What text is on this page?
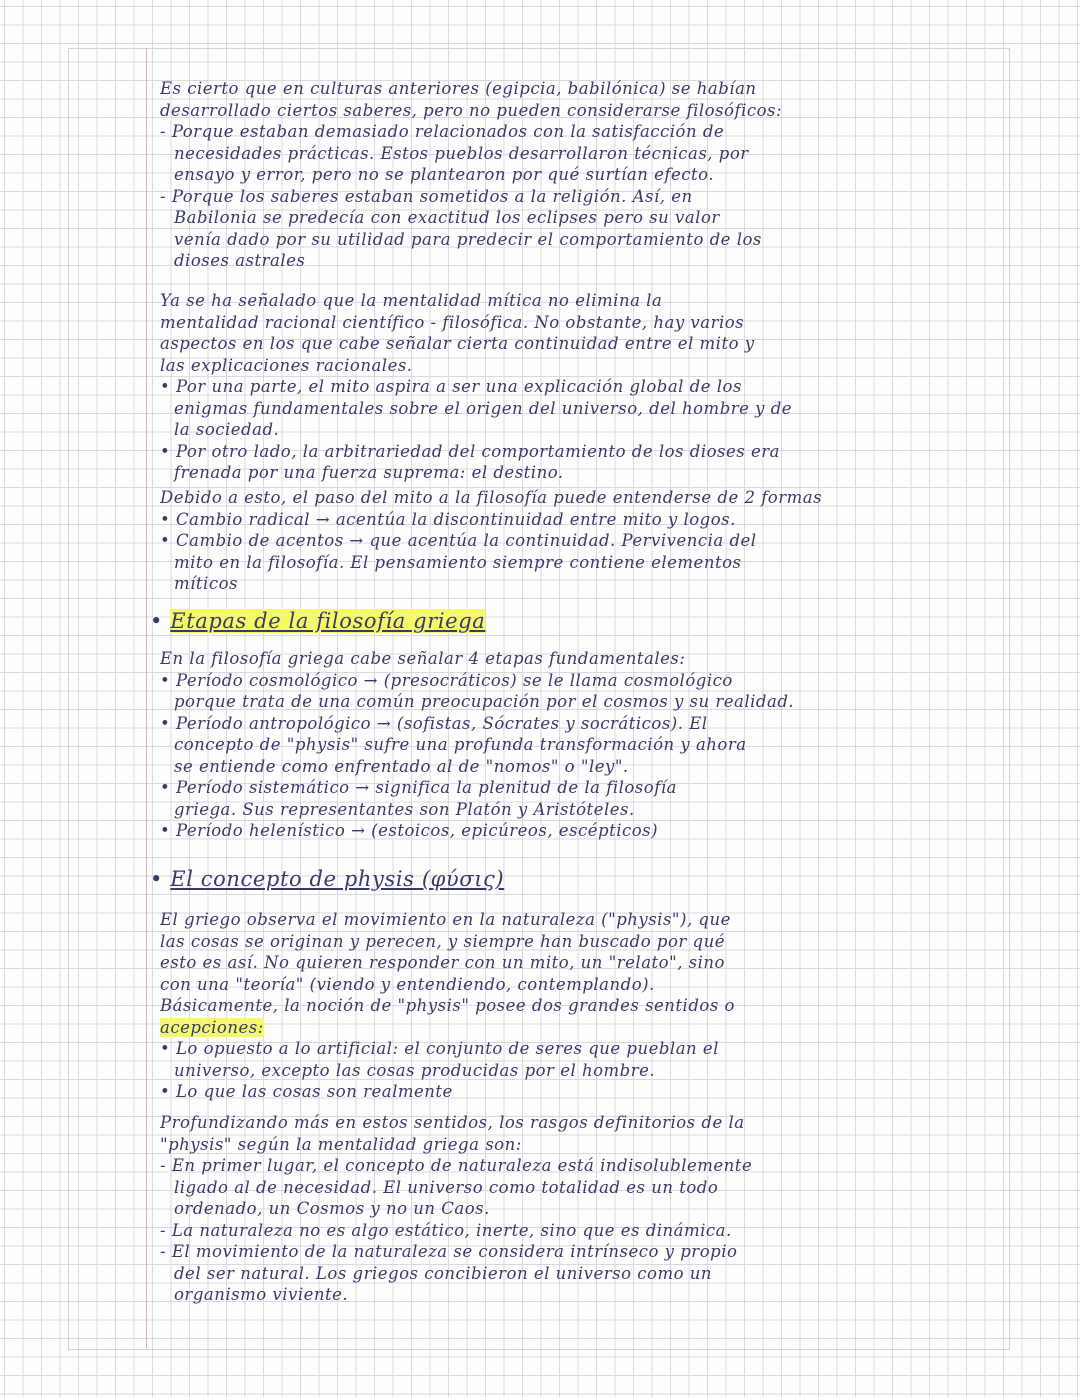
Es cierto que en culturas anteriores (egipcia, babilónica) se habían
desarrollado ciertos saberes, pero no pueden considerarse filosóficos:
- Porque estaban demasiado relacionados con la satisfacción de
necesidades prácticas. Estos pueblos desarrollaron técnicas, por
ensayo y error, pero no se plantearon por qué surtían efecto.
- Porque los saberes estaban sometidos a la religión. Así, en
Babilonia se predecía con exactitud los eclipses pero su valor
venía dado por su utilidad para predecir el comportamiento de los
dioses astrales
Ya se ha señalado que la mentalidad mítica no elimina la
mentalidad racional científico - filosófica. No obstante, hay varios
aspectos en los que cabe señalar cierta continuidad entre el mito y
las explicaciones racionales.
• Por una parte, el mito aspira a ser una explicación global de los
enigmas fundamentales sobre el origen del universo, del hombre y de
la sociedad.
• Por otro lado, la arbitrariedad del comportamiento de los dioses era
frenada por una fuerza suprema: el destino.
Debido a esto, el paso del mito a la filosofía puede entenderse de 2 formas
• Cambio radical → acentúa la discontinuidad entre mito y logos.
• Cambio de acentos → que acentúa la continuidad. Pervivencia del
mito en la filosofía. El pensamiento siempre contiene elementos
míticos
• Etapas de la filosofía griega
En la filosofía griega cabe señalar 4 etapas fundamentales:
• Período cosmológico → (presocráticos) se le llama cosmológico
porque trata de una común preocupación por el cosmos y su realidad.
• Período antropológico → (sofistas, Sócrates y socráticos). El
concepto de "physis" sufre una profunda transformación y ahora
se entiende como enfrentado al de "nomos" o "ley".
• Período sistemático → significa la plenitud de la filosofía
griega. Sus representantes son Platón y Aristóteles.
• Período helenístico → (estoicos, epicúreos, escépticos)
• El concepto de physis (φύσις)
El griego observa el movimiento en la naturaleza ("physis"), que
las cosas se originan y perecen, y siempre han buscado por qué
esto es así. No quieren responder con un mito, un "relato", sino
con una "teoría" (viendo y entendiendo, contemplando).
Básicamente, la noción de "physis" posee dos grandes sentidos o
acepciones:
• Lo opuesto a lo artificial: el conjunto de seres que pueblan el
universo, excepto las cosas producidas por el hombre.
• Lo que las cosas son realmente
Profundizando más en estos sentidos, los rasgos definitorios de la
"physis" según la mentalidad griega son:
- En primer lugar, el concepto de naturaleza está indisolublemente
ligado al de necesidad. El universo como totalidad es un todo
ordenado, un Cosmos y no un Caos.
- La naturaleza no es algo estático, inerte, sino que es dinámica.
- El movimiento de la naturaleza se considera intrínseco y propio
del ser natural. Los griegos concibieron el universo como un
organismo viviente.
